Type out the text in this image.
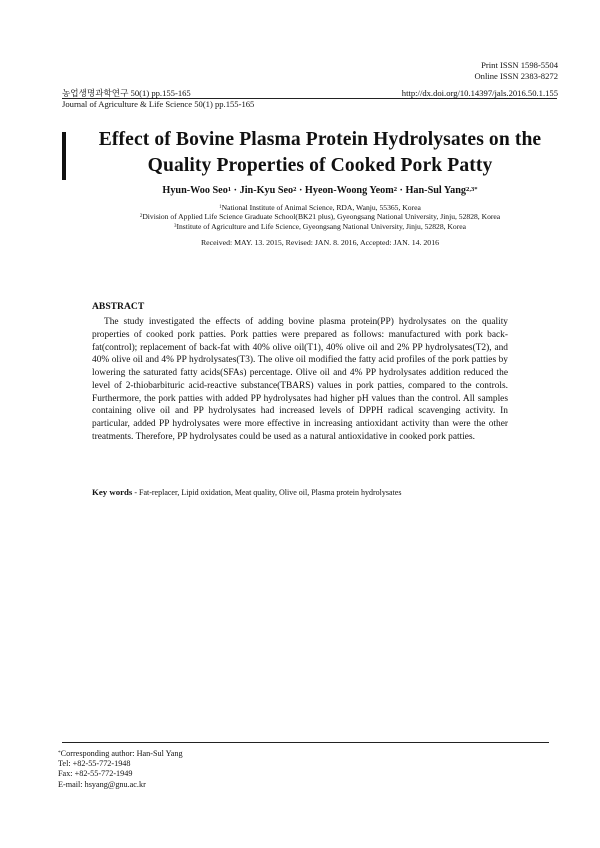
Print ISSN 1598-5504
Online ISSN 2383-8272
농업생명과학연구 50(1) pp.155-165	http://dx.doi.org/10.14397/jals.2016.50.1.155
Journal of Agriculture & Life Science 50(1) pp.155-165
Effect of Bovine Plasma Protein Hydrolysates on the
Quality Properties of Cooked Pork Patty
Hyun-Woo Seo$^1$ · Jin-Kyu Seo$^2$ · Hyeon-Woong Yeom$^2$ · Han-Sul Yang$^{2,3*}$
$^1$National Institute of Animal Science, RDA, Wanju, 55365, Korea
$^2$Division of Applied Life Science Graduate School(BK21 plus), Gyeongsang National University, Jinju, 52828, Korea
$^3$Institute of Agriculture and Life Science, Gyeongsang National University, Jinju, 52828, Korea
Received: MAY. 13. 2015, Revised: JAN. 8. 2016, Accepted: JAN. 14. 2016
ABSTRACT
The study investigated the effects of adding bovine plasma protein(PP) hydrolysates on the quality properties of cooked pork patties. Pork patties were prepared as follows: manufactured with pork back-fat(control); replacement of back-fat with 40% olive oil(T1), 40% olive oil and 2% PP hydrolysates(T2), and 40% olive oil and 4% PP hydrolysates(T3). The olive oil modified the fatty acid profiles of the pork patties by lowering the saturated fatty acids(SFAs) percentage. Olive oil and 4% PP hydrolysates addition reduced the level of 2-thiobarbituric acid-reactive substance(TBARS) values in pork patties, compared to the controls. Furthermore, the pork patties with added PP hydrolysates had higher pH values than the control. All samples containing olive oil and PP hydrolysates had increased levels of DPPH radical scavenging activity. In particular, added PP hydrolysates were more effective in increasing antioxidant activity than were the other treatments. Therefore, PP hydrolysates could be used as a natural antioxidative in cooked pork patties.
Key words - Fat-replacer, Lipid oxidation, Meat quality, Olive oil, Plasma protein hydrolysates
*Corresponding author: Han-Sul Yang
Tel: +82-55-772-1948
Fax: +82-55-772-1949
E-mail: hsyang@gnu.ac.kr
